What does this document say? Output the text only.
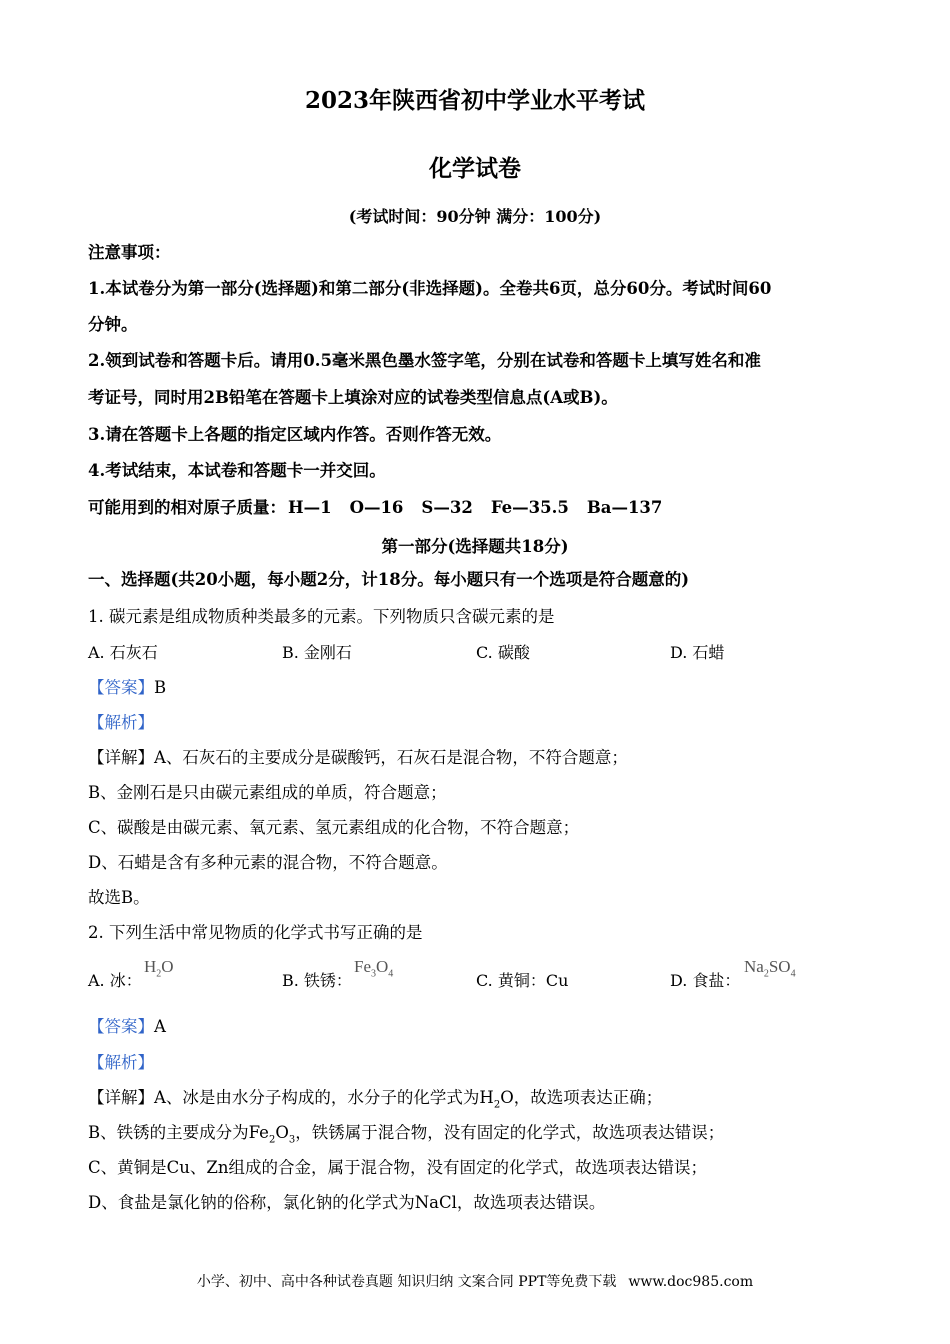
2023年陕西省初中学业水平考试
化学试卷
(考试时间：90分钟 满分：100分)
注意事项：
1.本试卷分为第一部分(选择题)和第二部分(非选择题)。全卷共6页，总分60分。考试时间60
分钟。
2.领到试卷和答题卡后。请用0.5毫米黑色墨水签字笔，分别在试卷和答题卡上填写姓名和准
考证号，同时用2B铅笔在答题卡上填涂对应的试卷类型信息点(A或B)。
3.请在答题卡上各题的指定区域内作答。否则作答无效。
4.考试结束，本试卷和答题卡一并交回。
可能用到的相对原子质量： H—1 O—16 S—32 Fe—35.5 Ba—137
第一部分(选择题共18分)
一、选择题(共20小题，每小题2分，计18分。每小题只有一个选项是符合题意的)
1. 碳元素是组成物质种类最多的元素。下列物质只含碳元素的是
A. 石灰石	B. 金刚石	C. 碳酸	D. 石蜡
【答案】B
【解析】
【详解】A、石灰石的主要成分是碳酸钙，石灰石是混合物，不符合题意；
B、金刚石是只由碳元素组成的单质，符合题意；
C、碳酸是由碳元素、氧元素、氢元素组成的化合物，不符合题意；
D、石蜡是含有多种元素的混合物，不符合题意。
故选B。
2. 下列生活中常见物质的化学式书写正确的是
A. 冰：
$H_2O$
B. 铁锈：
$Fe_3O_4$	C. 黄铜：Cu	D. 食盐：
$Na_2SO_4$
【答案】A
【解析】
【详解】A、冰是由水分子构成的，水分子的化学式为$H_2O$，故选项表达正确；
B、铁锈的主要成分为$Fe_2O_3$，铁锈属于混合物，没有固定的化学式，故选项表达错误；
C、黄铜是Cu、Zn组成的合金，属于混合物，没有固定的化学式，故选项表达错误；
D、食盐是氯化钠的俗称，氯化钠的化学式为NaCl，故选项表达错误。
小学、初中、高中各种试卷真题 知识归纳 文案合同 PPT等免费下载 www.doc985.com
